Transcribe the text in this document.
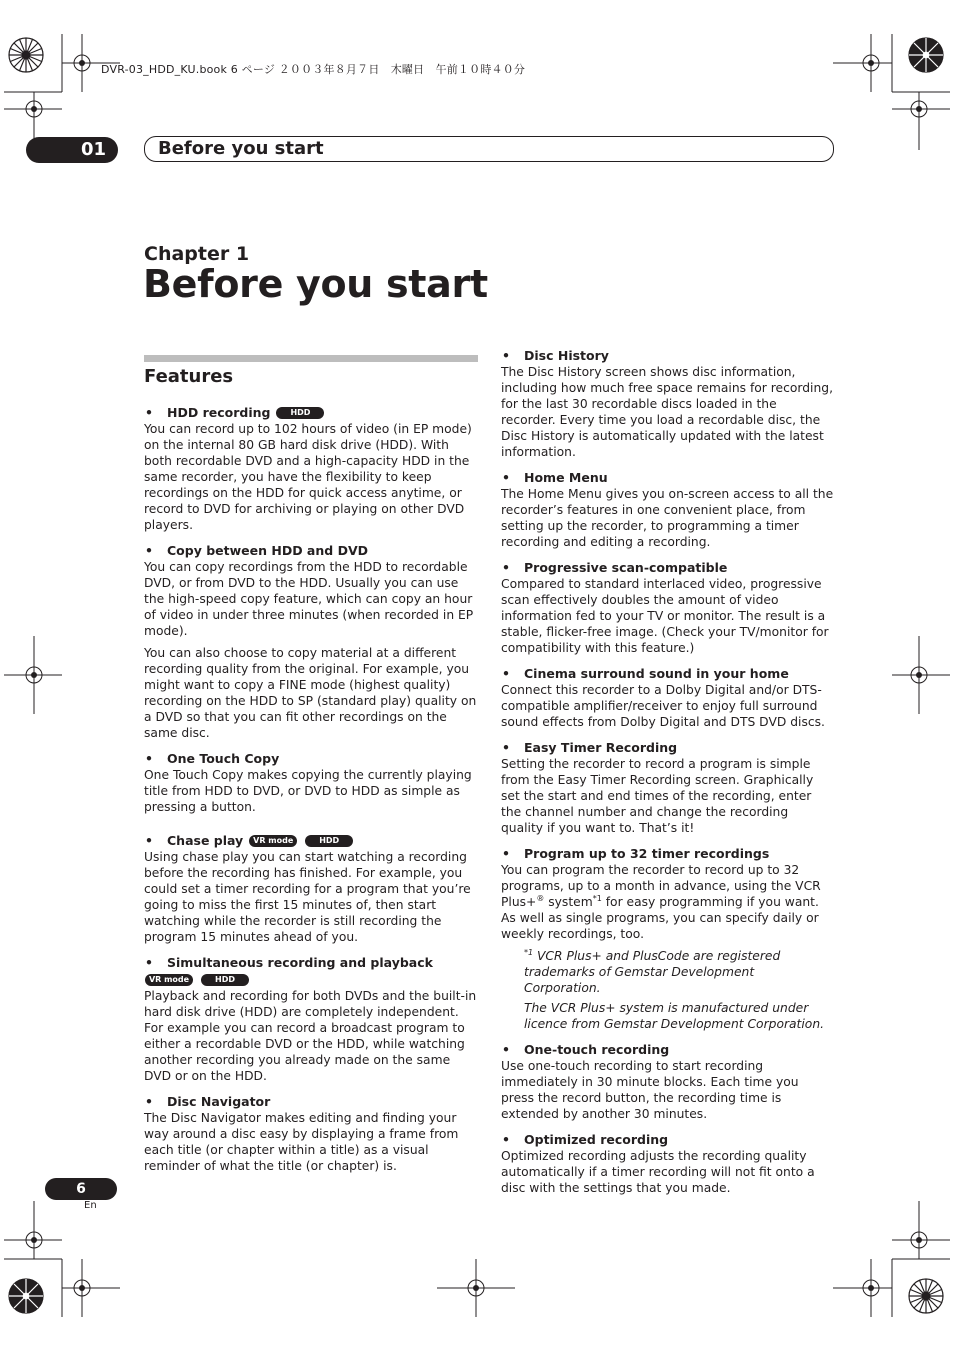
DVR-03_HDD_KU.book 6 ページ ２００３年８月７日　木曜日　午前１０時４０分
01	Before you start
Chapter 1
Before you start
Features
•	HDD recording	HDD

You can record up to 102 hours of video (in EP mode) on the internal 80 GB hard disk drive (HDD). With both recordable DVD and a high-capacity HDD in the same recorder, you have the flexibility to keep recordings on the HDD for quick access anytime, or record to DVD for archiving or playing on other DVD players.

•	Copy between HDD and DVD

You can copy recordings from the HDD to recordable DVD, or from DVD to the HDD. Usually you can use the high-speed copy feature, which can copy an hour of video in under three minutes (when recorded in EP mode).

You can also choose to copy material at a different recording quality from the original. For example, you might want to copy a FINE mode (highest quality) recording on the HDD to SP (standard play) quality on a DVD so that you can fit other recordings on the same disc.

•	One Touch Copy

One Touch Copy makes copying the currently playing title from HDD to DVD, or DVD to HDD as simple as pressing a button.

•	Chase play	VR mode	HDD

Using chase play you can start watching a recording before the recording has finished. For example, you could set a timer recording for a program that you’re going to miss the first 15 minutes of, then start watching while the recorder is still recording the program 15 minutes ahead of you.

•	Simultaneous recording and playback
VR mode	HDD

Playback and recording for both DVDs and the built-in hard disk drive (HDD) are completely independent. For example you can record a broadcast program to either a recordable DVD or the HDD, while watching another recording you already made on the same DVD or on the HDD.

•	Disc Navigator

The Disc Navigator makes editing and finding your way around a disc easy by displaying a frame from each title (or chapter within a title) as a visual reminder of what the title (or chapter) is.

•	Disc History

The Disc History screen shows disc information, including how much free space remains for recording, for the last 30 recordable discs loaded in the recorder. Every time you load a recordable disc, the Disc History is automatically updated with the latest information.

•	Home Menu

The Home Menu gives you on-screen access to all the recorder’s features in one convenient place, from setting up the recorder, to programming a timer recording and editing a recording.

•	Progressive scan-compatible

Compared to standard interlaced video, progressive scan effectively doubles the amount of video information fed to your TV or monitor. The result is a stable, flicker-free image. (Check your TV/monitor for compatibility with this feature.)

•	Cinema surround sound in your home

Connect this recorder to a Dolby Digital and/or DTS-compatible amplifier/receiver to enjoy full surround sound effects from Dolby Digital and DTS DVD discs.

•	Easy Timer Recording

Setting the recorder to record a program is simple from the Easy Timer Recording screen. Graphically set the start and end times of the recording, enter the channel number and change the recording quality if you want to. That’s it!

•	Program up to 32 timer recordings

You can program the recorder to record up to 32 programs, up to a month in advance, using the VCR Plus+® system$^{*1}$ for easy programming if you want. As well as single programs, you can specify daily or weekly recordings, too.

$^{*1}$ VCR Plus+ and PlusCode are registered trademarks of Gemstar Development Corporation.

The VCR Plus+ system is manufactured under licence from Gemstar Development Corporation.

•	One-touch recording

Use one-touch recording to start recording immediately in 30 minute blocks. Each time you press the record button, the recording time is extended by another 30 minutes.

•	Optimized recording

Optimized recording adjusts the recording quality automatically if a timer recording will not fit onto a disc with the settings that you made.

6
En
